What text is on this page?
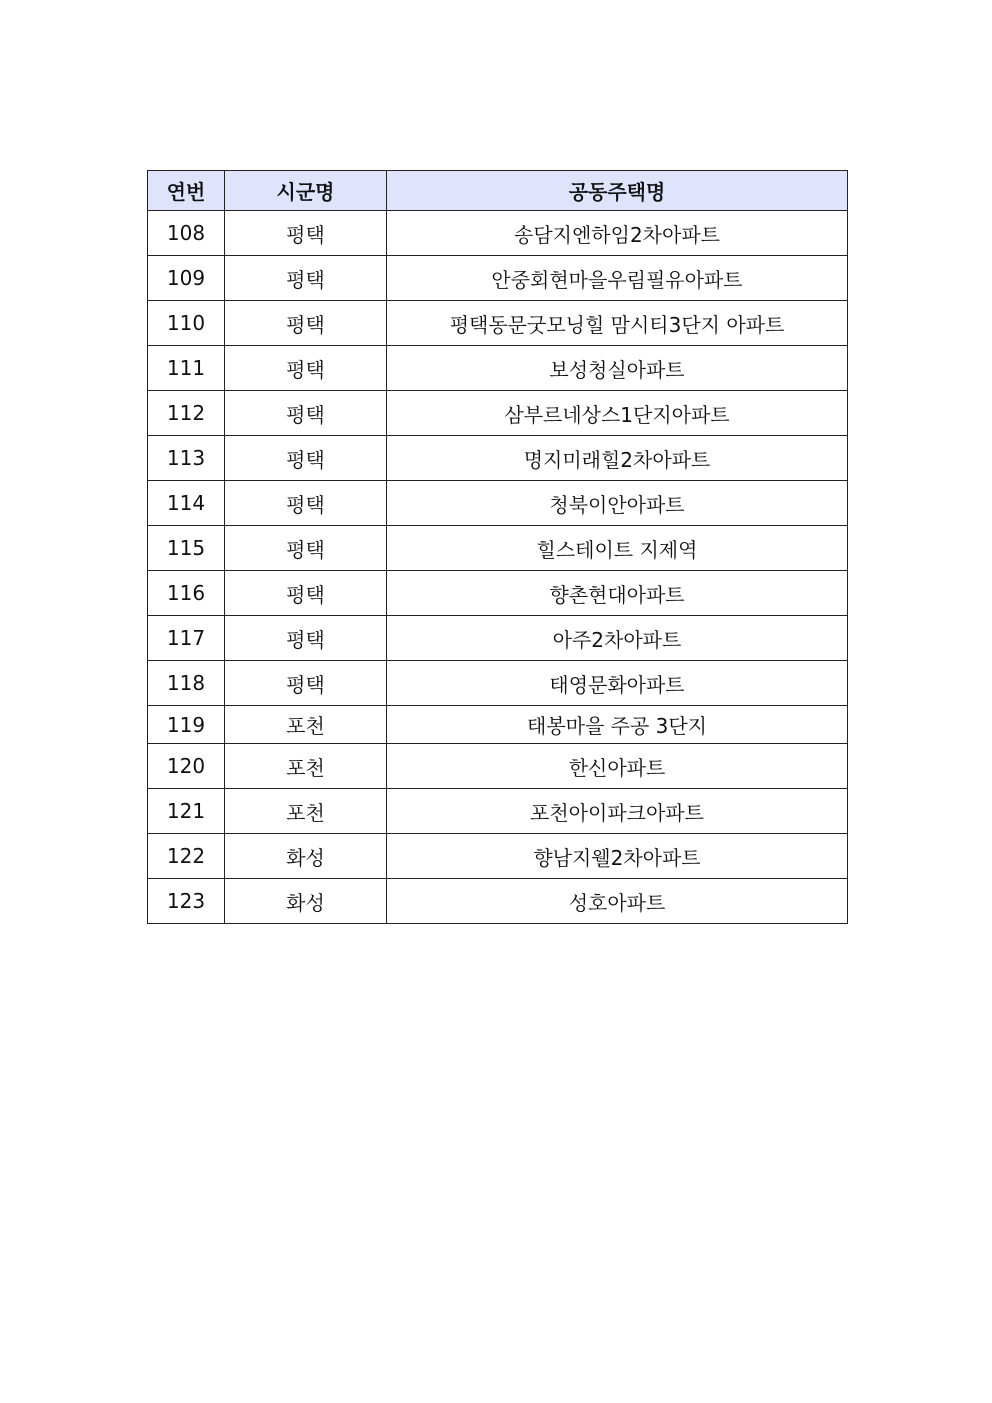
연번	시군명	공동주택명
108	평택	송담지엔하임2차아파트
109	평택	안중회현마을우림필유아파트
110	평택	평택동문굿모닝힐 맘시티3단지 아파트
111	평택	보성청실아파트
112	평택	삼부르네상스1단지아파트
113	평택	명지미래힐2차아파트
114	평택	청북이안아파트
115	평택	힐스테이트 지제역
116	평택	향촌현대아파트
117	평택	아주2차아파트
118	평택	태영문화아파트
119	포천	태봉마을 주공 3단지
120	포천	한신아파트
121	포천	포천아이파크아파트
122	화성	향남지웰2차아파트
123	화성	성호아파트
